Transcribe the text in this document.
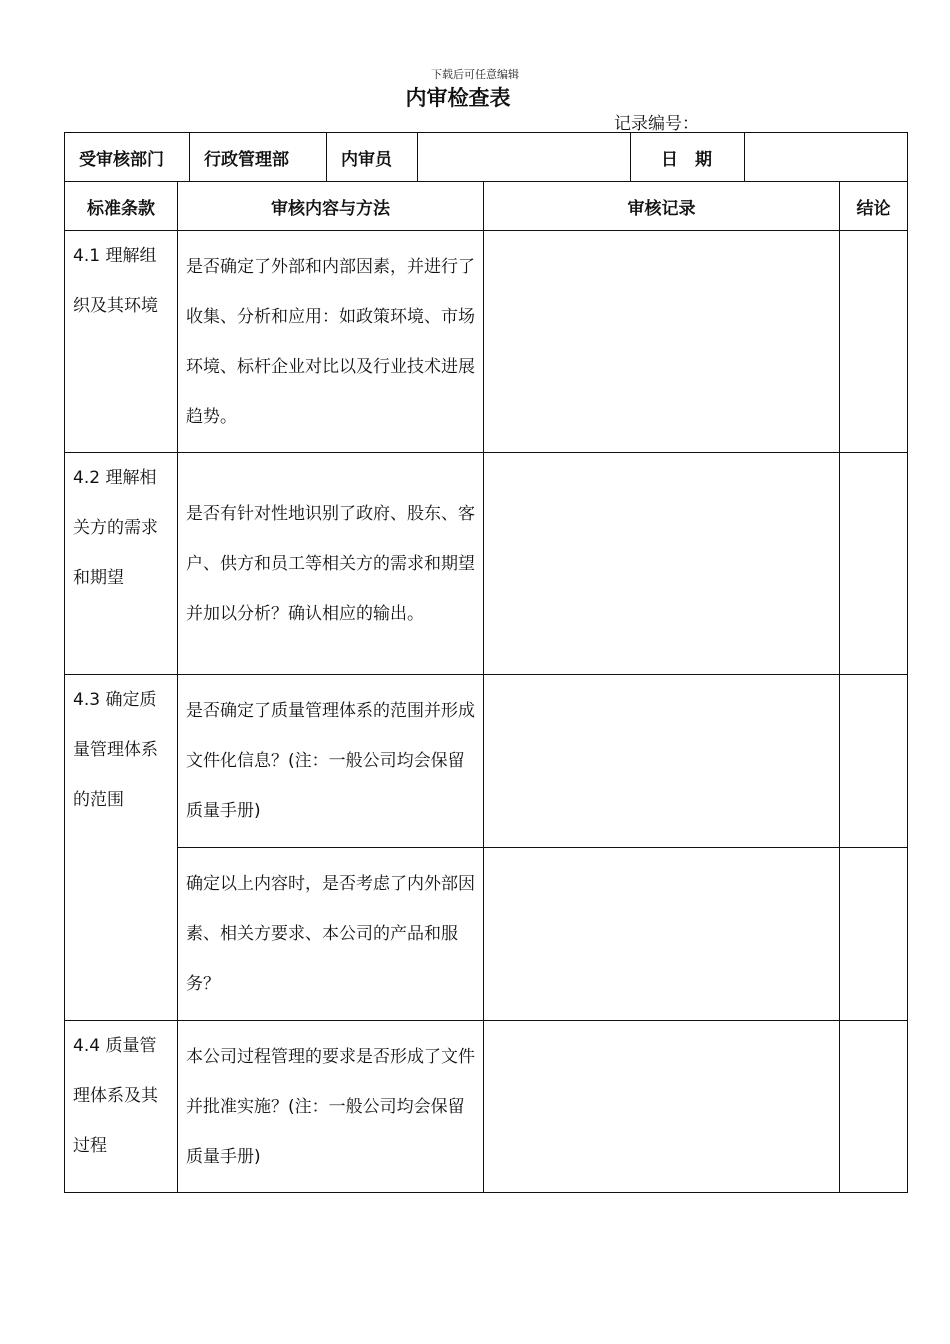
下载后可任意编辑
内审检查表
记录编号：
受审核部门	行政管理部	内审员		日　期	
标准条款	审核内容与方法	审核记录	结论
4.1 理解组织及其环境	是否确定了外部和内部因素，并进行了收集、分析和应用：如政策环境、市场环境、标杆企业对比以及行业技术进展趋势。		
4.2 理解相关方的需求和期望	是否有针对性地识别了政府、股东、客户、供方和员工等相关方的需求和期望并加以分析？确认相应的输出。		
4.3 确定质量管理体系的范围	是否确定了质量管理体系的范围并形成文件化信息？(注：一般公司均会保留质量手册)		
	确定以上内容时，是否考虑了内外部因素、相关方要求、本公司的产品和服务？		
4.4 质量管理体系及其过程	本公司过程管理的要求是否形成了文件并批准实施？(注：一般公司均会保留质量手册)		
